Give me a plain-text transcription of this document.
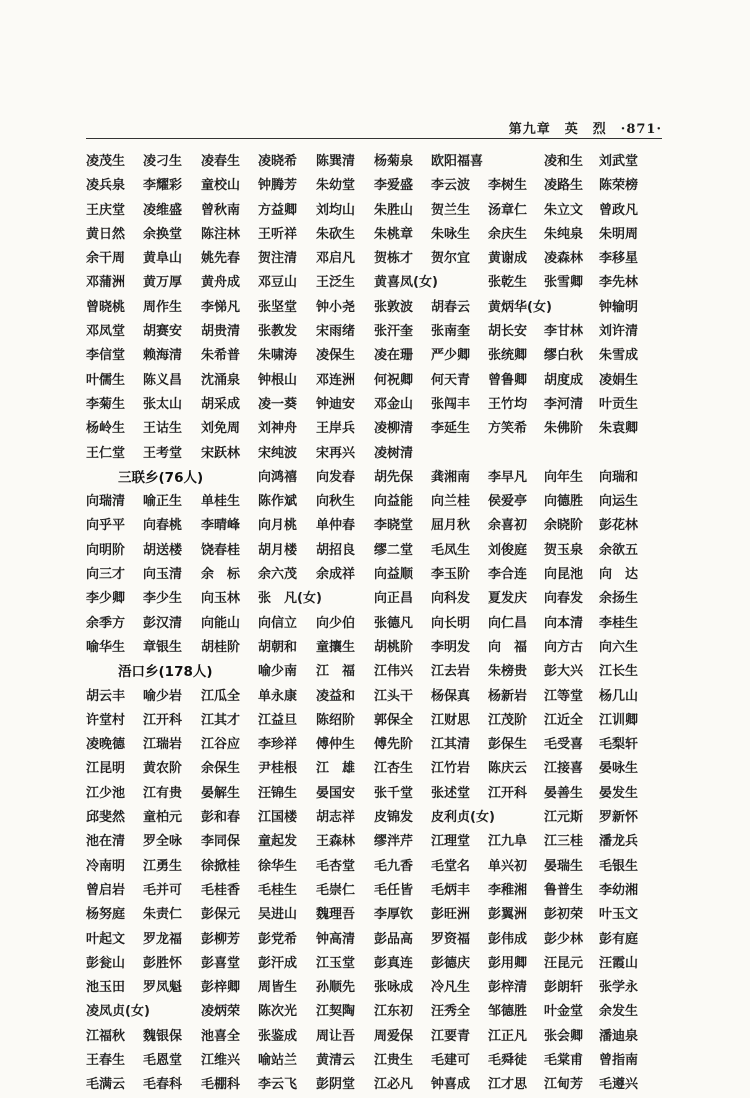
第九章　英　烈　·871·
凌茂生 凌刁生 凌春生 凌晓希 陈巽清 杨菊泉 欧阳福喜	凌和生 刘武堂
凌兵泉 李耀彩 童校山 钟腾芳 朱幼堂 李爱盛 李云波 李树生 凌路生 陈荣榜
王庆堂 凌维盛 曾秋南 方益卿 刘均山 朱胜山 贺兰生 汤章仁 朱立文 曾政凡
黄日然 余换堂 陈注林 王听祥 朱砍生 朱桃章 朱咏生 余庆生 朱纯泉 朱明周
余干周 黄阜山 姚先春 贺注清 邓启凡 贺栋才 贺尔宜 黄谢成 凌森林 李移星
邓蒲洲 黄万厚 黄舟成 邓豆山 王泛生 黄喜凤(女)	张乾生 张雪卿 李先林
曾晓桃 周作生 李悌凡 张坚堂 钟小尧 张敦波 胡春云 黄炳华(女)	钟输明
邓凤堂 胡赛安 胡贵清 张教发 宋雨绪 张汗奎 张南奎 胡长安 李甘林 刘许清
李信堂 赖海清 朱希普 朱啸涛 凌保生 凌在珊 严少卿 张统卿 缪白秋 朱雪成
叶儒生 陈义昌 沈涌泉 钟根山 邓连洲 何祝卿 何天青 曾鲁卿 胡度成 凌娟生
李菊生 张太山 胡采成 凌一葵 钟迪安 邓金山 张闯丰 王竹均 李河清 叶贡生
杨岭生 王诂生 刘免周 刘神舟 王岸兵 凌柳清 李延生 方笑希 朱佛阶 朱袁卿
王仁堂 王考堂 宋跃林 宋纯波 宋再兴 凌树清
三联乡(76人)	向鸿禧 向发春 胡先保 龚湘南 李早凡 向年生 向瑞和
向瑞清 喻正生 单桂生 陈作斌 向秋生 向益能 向兰桂 侯爱亭 向德胜 向运生
向乎平 向春桃 李晴峰 向月桃 单仲春 李晓堂 屈月秋 余喜初 余晓阶 彭花林
向明阶 胡送楼 饶春桂 胡月楼 胡招良 缪二堂 毛凤生 刘俊庭 贺玉泉 余欲五
向三才 向玉清 余　标 余六茂 余成祥 向益顺 李玉阶 李合连 向昆池 向　达
李少卿 李少生 向玉林 张　凡(女)	向正昌 向科发 夏发庆 向春发 余扬生
余季方 彭汉清 向能山 向信立 向少伯 张德凡 向长明 向仁昌 向本清 李桂生
喻华生 章银生 胡桂阶 胡朝和 童攘生 胡桃阶 李明发 向　福 向方古 向六生
浯口乡(178人)	喻少南 江　福 江伟兴 江去岩 朱榜贵 彭大兴 江长生
胡云丰 喻少岩 江瓜全 单永康 凌益和 江头干 杨保真 杨新岩 江等堂 杨几山
许堂村 江开科 江其才 江益旦 陈绍阶 郭保全 江财思 江茂阶 江近全 江训卿
凌晚德 江瑞岩 江谷应 李珍祥 傅仲生 傅先阶 江其清 彭保生 毛受喜 毛梨轩
江昆明 黄农阶 余保生 尹桂根 江　雄 江杏生 江竹岩 陈庆云 江接喜 晏咏生
江少池 江有贵 晏解生 汪锦生 晏国安 张千堂 张述堂 江开科 晏善生 晏发生
邱斐然 童柏元 彭和春 江国楼 胡志祥 皮锦发 皮利贞(女)	江元斯 罗新怀
池在清 罗全咏 李同保 童起发 王森林 缪泮芹 江理堂 江九阜 江三桂 潘龙兵
冷南明 江勇生 徐掀桂 徐华生 毛杏堂 毛九香 毛堂名 单兴初 晏瑞生 毛银生
曾启岩 毛并可 毛桂香 毛桂生 毛崇仁 毛任皆 毛炳丰 李稚湘 鲁普生 李幼湘
杨努庭 朱责仁 彭保元 吴进山 魏理吾 李厚钦 彭旺洲 彭翼洲 彭初荣 叶玉文
叶起文 罗龙福 彭柳芳 彭党希 钟高清 彭品高 罗资福 彭伟成 彭少林 彭有庭
彭瓮山 彭胜怀 彭喜堂 彭汗成 江玉堂 彭真连 彭德庆 彭用卿 汪昆元 汪霞山
池玉田 罗凤魁 彭梓卿 周皆生 孙顺先 张咏成 冷凡生 彭梓清 彭朗轩 张学永
凌凤贞(女)	凌炳荣 陈次光 江契陶 江东初 汪秀全 邹德胜 叶金堂 余发生
江福秋 魏银保 池喜全 张鉴成 周让吾 周爱保 江要青 江正凡 张会卿 潘迪泉
王春生 毛恩堂 江维兴 喻站兰 黄清云 江贵生 毛建可 毛舜徒 毛棠甫 曾指南
毛满云 毛春科 毛棚科 李云飞 彭阴堂 江必凡 钟喜成 江才思 江甸芳 毛遵兴
